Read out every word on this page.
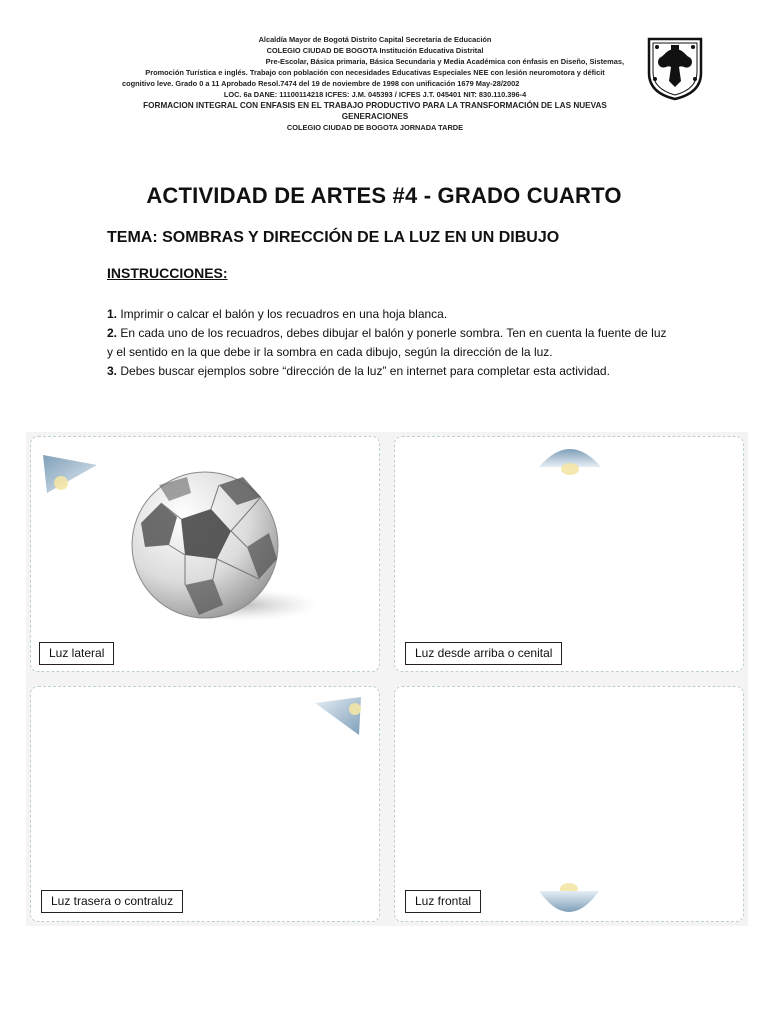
Alcaldía Mayor de Bogotá Distrito Capital Secretaría de Educación
COLEGIO CIUDAD DE BOGOTA Institución Educativa Distrital
Pre-Escolar, Básica primaria, Básica Secundaria y Media Académica con énfasis en Diseño, Sistemas,
Promoción Turística e inglés. Trabajo con población con necesidades Educativas Especiales NEE con lesión neuromotora y déficit
cognitivo leve. Grado 0 a 11 Aprobado Resol.7474 del 19 de noviembre de 1998 con unificación 1679 May-28/2002
LOC. 6a DANE: 11100114218 ICFES: J.M. 045393 / ICFES J.T. 045401 NIT: 830.110.396-4
FORMACION INTEGRAL CON ENFASIS EN EL TRABAJO PRODUCTIVO PARA LA TRANSFORMACIÓN DE LAS NUEVAS
GENERACIONES
COLEGIO CIUDAD DE BOGOTA JORNADA TARDE
ACTIVIDAD DE ARTES #4 - GRADO CUARTO
TEMA: SOMBRAS Y DIRECCIÓN DE LA LUZ EN UN DIBUJO
INSTRUCCIONES:
1. Imprimir o calcar el balón y los recuadros en una hoja blanca.
2. En cada uno de los recuadros, debes dibujar el balón y ponerle sombra. Ten en cuenta la fuente de luz y el sentido en la que debe ir la sombra en cada dibujo, según la dirección de la luz.
3. Debes buscar ejemplos sobre “dirección de la luz” en internet para completar esta actividad.
Luz lateral	Luz desde arriba o cenital
Luz trasera o contraluz	Luz frontal
